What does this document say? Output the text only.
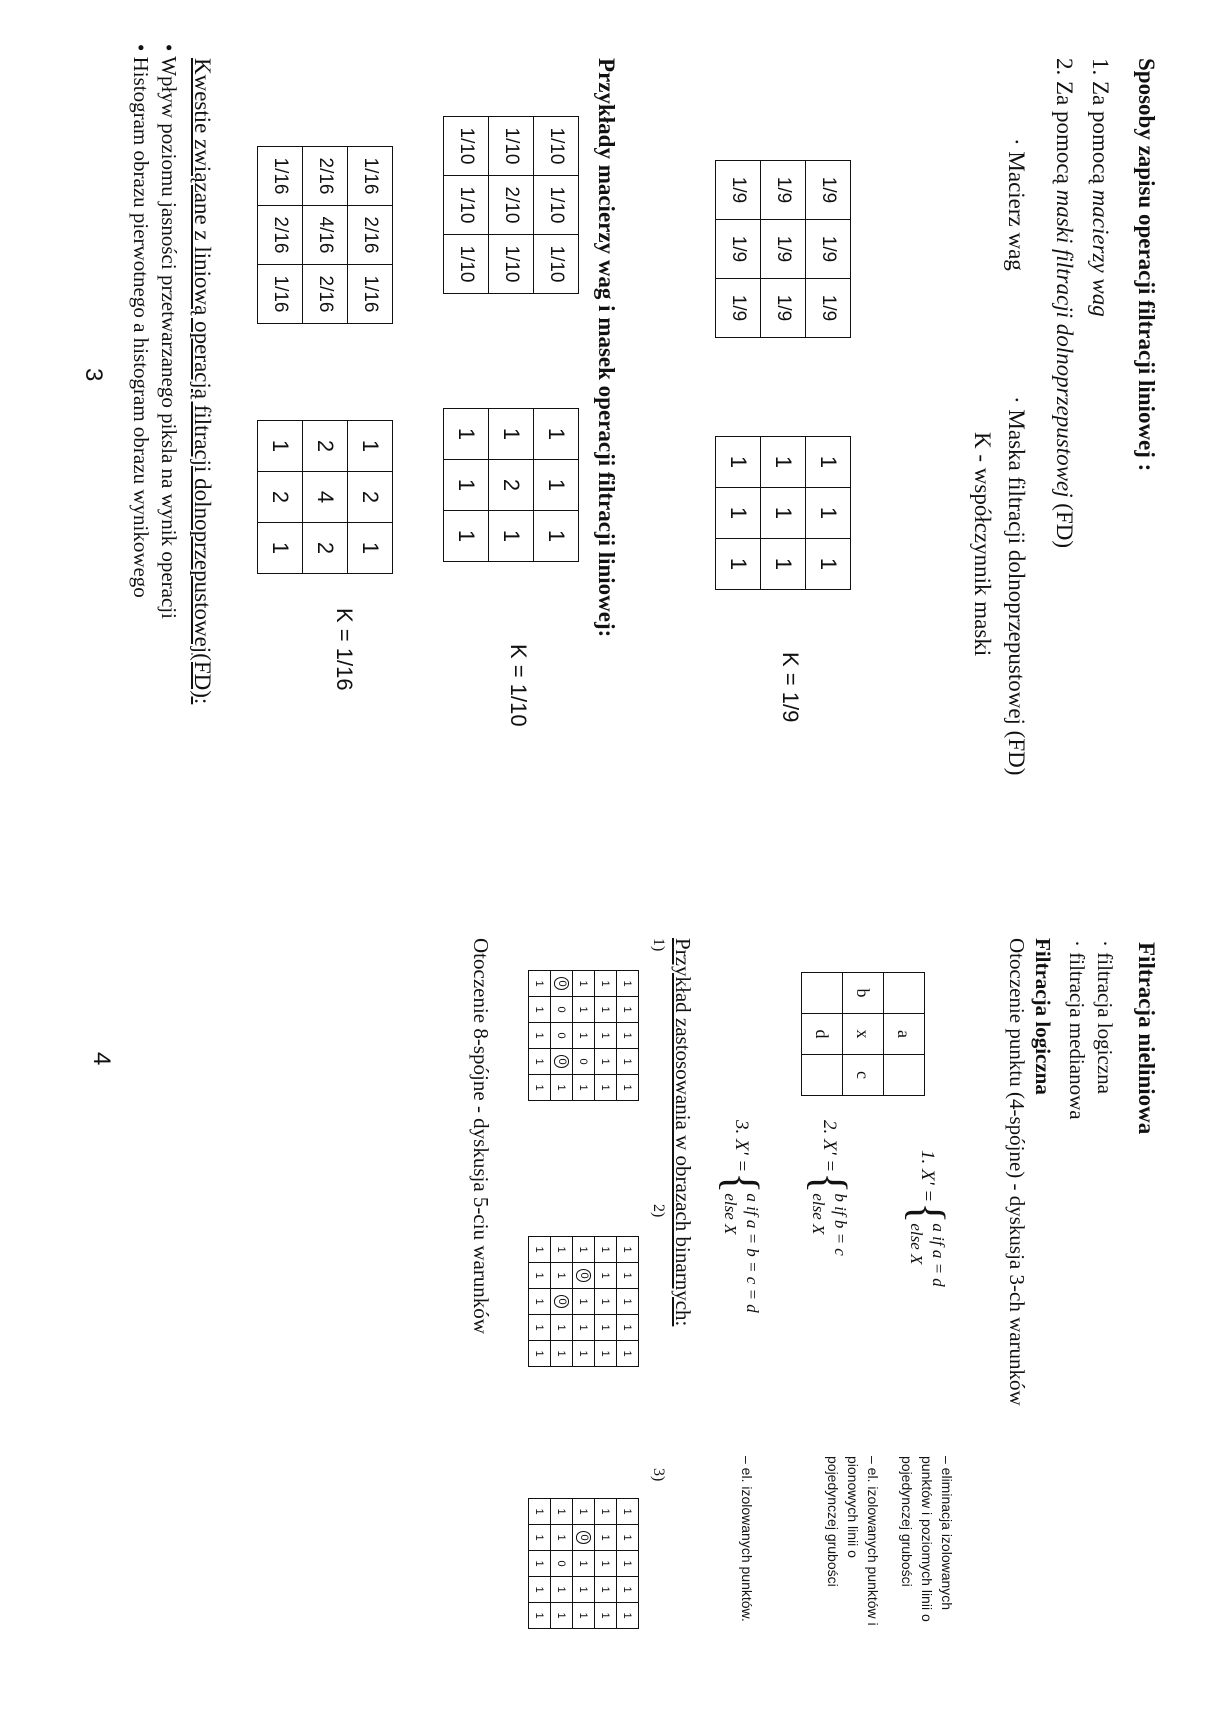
Sposoby zapisu operacji filtracji liniowej :
1. Za pomocą macierzy wag
2. Za pomocą maski filtracji dolnoprzepustowej (FD)
· Macierz wag
· Maska filtracji dolnoprzepustowej (FD)
K - współczynnik maski
1/9	1/9	1/9
1/9	1/9	1/9
1/9	1/9	1/9
1	1	1
1	1	1
1	1	1
K = 1/9
Przykłady macierzy wag i masek operacji filtracji liniowej:
1/10	1/10	1/10
1/10	2/10	1/10
1/10	1/10	1/10
1	1	1
1	2	1
1	1	1
K = 1/10
1/16	2/16	1/16
2/16	4/16	2/16
1/16	2/16	1/16
1	2	1
2	4	2
1	2	1
K = 1/16
Kwestie związane z liniową operacją filtracji dolnoprzepustowej(FD):
• Wpływ poziomu jasności przetwarzanego piksla na wynik operacji
• Histogram obrazu pierwotnego a histogram obrazu wynikowego
3
Filtracja nieliniowa
· filtracja logiczna
· filtracja medianowa
Filtracja logiczna
Otoczenie punktu (4-spójne) - dyskusja 3-ch warunków
	a	
b	x	c
	d	
1. X' ={a if a = d
else X
– eliminacja izolowanych
punktów i poziomych linii o
pojedynczej grubości
2. X' ={b if b = c
else X
– el. izolowanych punktów i
pionowych linii o
pojedynczej grubości
3. X' ={a if a = b = c = d
else X
– el. izolowanych punktów.
Przykład zastosowania w obrazach binarnych:
1)
2)
3)
1	1	1	1	1
1	1	1	1	1
1	1	1	0	1
0	0	0	0	1
1	1	1	1	1
1	1	1	1	1
1	1	1	1	1
1	0	1	1	1
1	1	0	1	1
1	1	1	1	1
1	1	1	1	1
1	1	1	1	1
1	0	1	1	1
1	1	0	1	1
1	1	1	1	1
Otoczenie 8-spójne - dyskusja 5-ciu warunków
4
